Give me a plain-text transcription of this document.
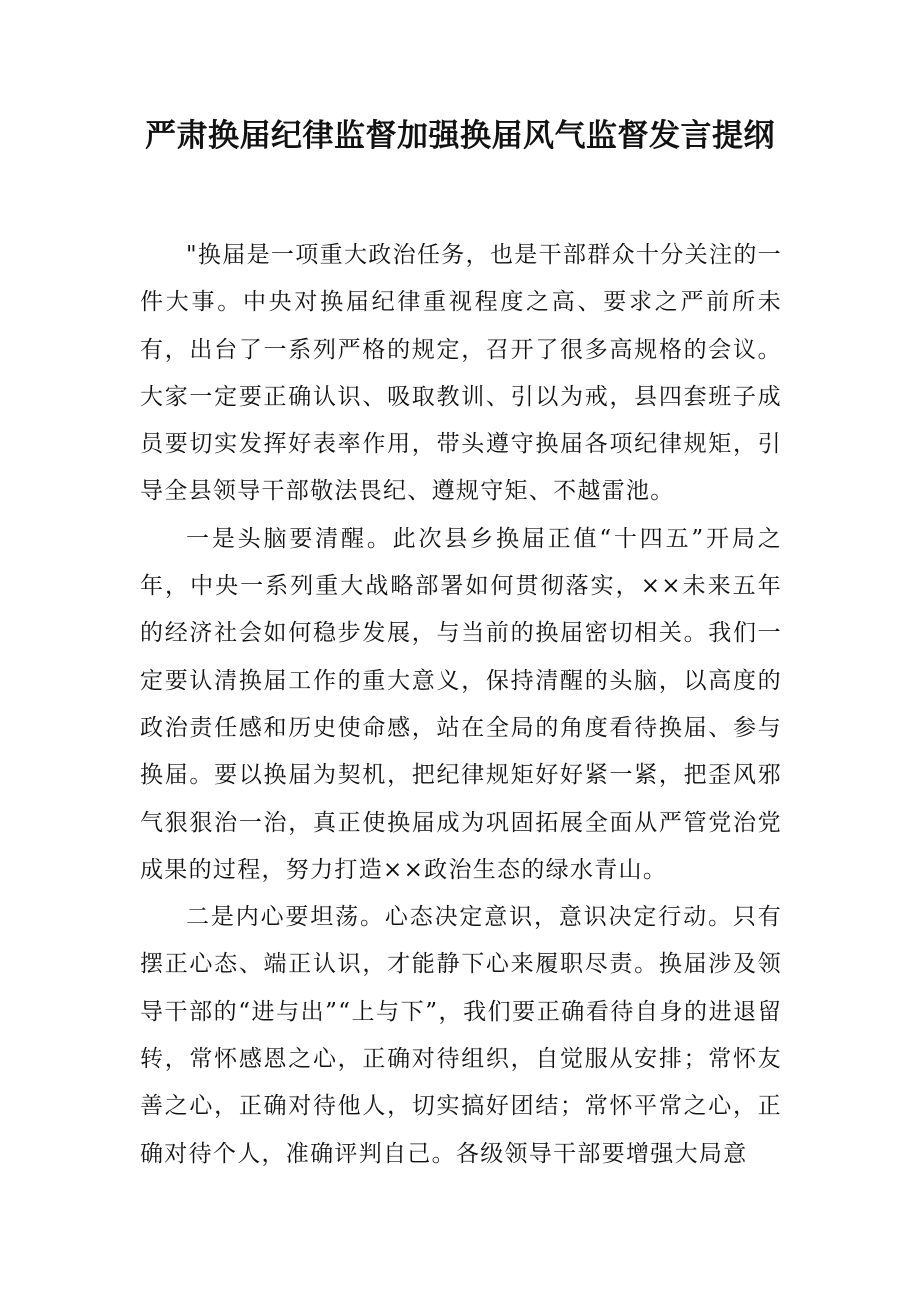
严肃换届纪律监督加强换届风气监督发言提纲

"换届是一项重大政治任务，也是干部群众十分关注的一件大事。中央对换届纪律重视程度之高、要求之严前所未有，出台了一系列严格的规定，召开了很多高规格的会议。大家一定要正确认识、吸取教训、引以为戒，县四套班子成员要切实发挥好表率作用，带头遵守换届各项纪律规矩，引导全县领导干部敬法畏纪、遵规守矩、不越雷池。

一是头脑要清醒。此次县乡换届正值“十四五”开局之年，中央一系列重大战略部署如何贯彻落实，××未来五年的经济社会如何稳步发展，与当前的换届密切相关。我们一定要认清换届工作的重大意义，保持清醒的头脑，以高度的政治责任感和历史使命感，站在全局的角度看待换届、参与换届。要以换届为契机，把纪律规矩好好紧一紧，把歪风邪气狠狠治一治，真正使换届成为巩固拓展全面从严管党治党成果的过程，努力打造××政治生态的绿水青山。

二是内心要坦荡。心态决定意识，意识决定行动。只有摆正心态、端正认识，才能静下心来履职尽责。换届涉及领导干部的“进与出”“上与下”，我们要正确看待自身的进退留转，常怀感恩之心，正确对待组织，自觉服从安排；常怀友善之心，正确对待他人，切实搞好团结；常怀平常之心，正确对待个人，准确评判自己。各级领导干部要增强大局意
